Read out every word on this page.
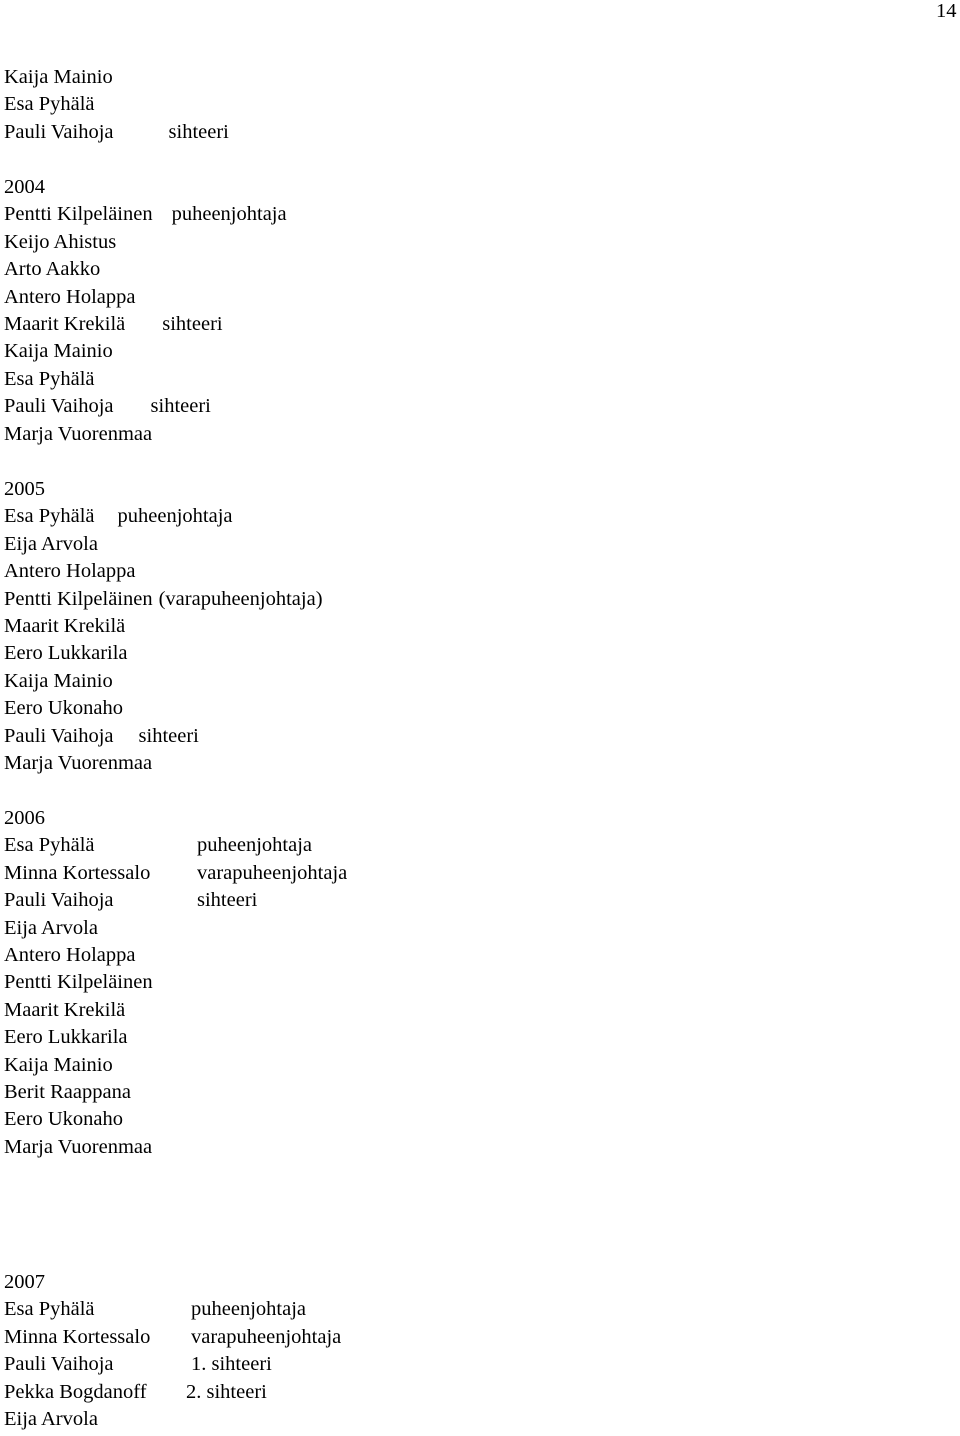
14
Kaija Mainio
Esa Pyhälä
Pauli Vaihoja	sihteeri
2004
Pentti Kilpeläinen puheenjohtaja
Keijo Ahistus
Arto Aakko
Antero Holappa
Maarit Krekilä sihteeri
Kaija Mainio
Esa Pyhälä
Pauli Vaihoja sihteeri
Marja Vuorenmaa
2005
Esa Pyhälä puheenjohtaja
Eija Arvola
Antero Holappa
Pentti Kilpeläinen (varapuheenjohtaja)
Maarit Krekilä
Eero Lukkarila
Kaija Mainio
Eero Ukonaho
Pauli Vaihoja sihteeri
Marja Vuorenmaa
2006
Esa Pyhälä	puheenjohtaja
Minna Kortessalo varapuheenjohtaja
Pauli Vaihoja	sihteeri
Eija Arvola
Antero Holappa
Pentti Kilpeläinen
Maarit Krekilä
Eero Lukkarila
Kaija Mainio
Berit Raappana
Eero Ukonaho
Marja Vuorenmaa
2007
Esa Pyhälä	puheenjohtaja
Minna Kortessalo varapuheenjohtaja
Pauli Vaihoja	1. sihteeri
Pekka Bogdanoff 2. sihteeri
Eija Arvola
